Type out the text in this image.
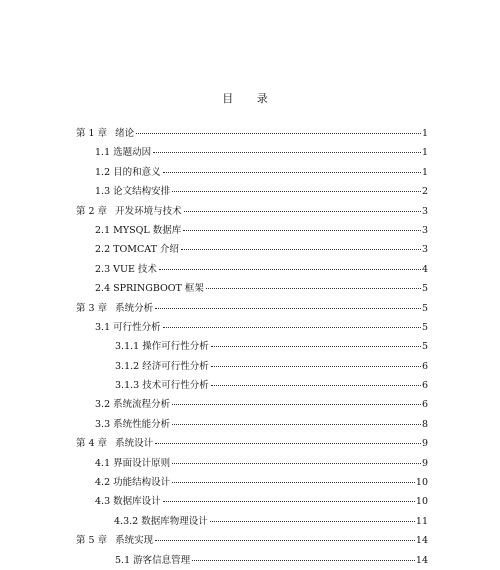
目 录
第 1 章 绪论	1
1.1 选题动因	1
1.2 目的和意义	1
1.3 论文结构安排	2
第 2 章 开发环境与技术	3
2.1 MYSQL 数据库	3
2.2 TOMCAT 介绍	3
2.3 VUE 技术	4
2.4 SPRINGBOOT 框架	5
第 3 章 系统分析	5
3.1 可行性分析	5
3.1.1 操作可行性分析	5
3.1.2 经济可行性分析	6
3.1.3 技术可行性分析	6
3.2 系统流程分析	6
3.3 系统性能分析	8
第 4 章 系统设计	9
4.1 界面设计原则	9
4.2 功能结构设计	10
4.3 数据库设计	10
4.3.2 数据库物理设计	11
第 5 章 系统实现	14
5.1 游客信息管理	14
